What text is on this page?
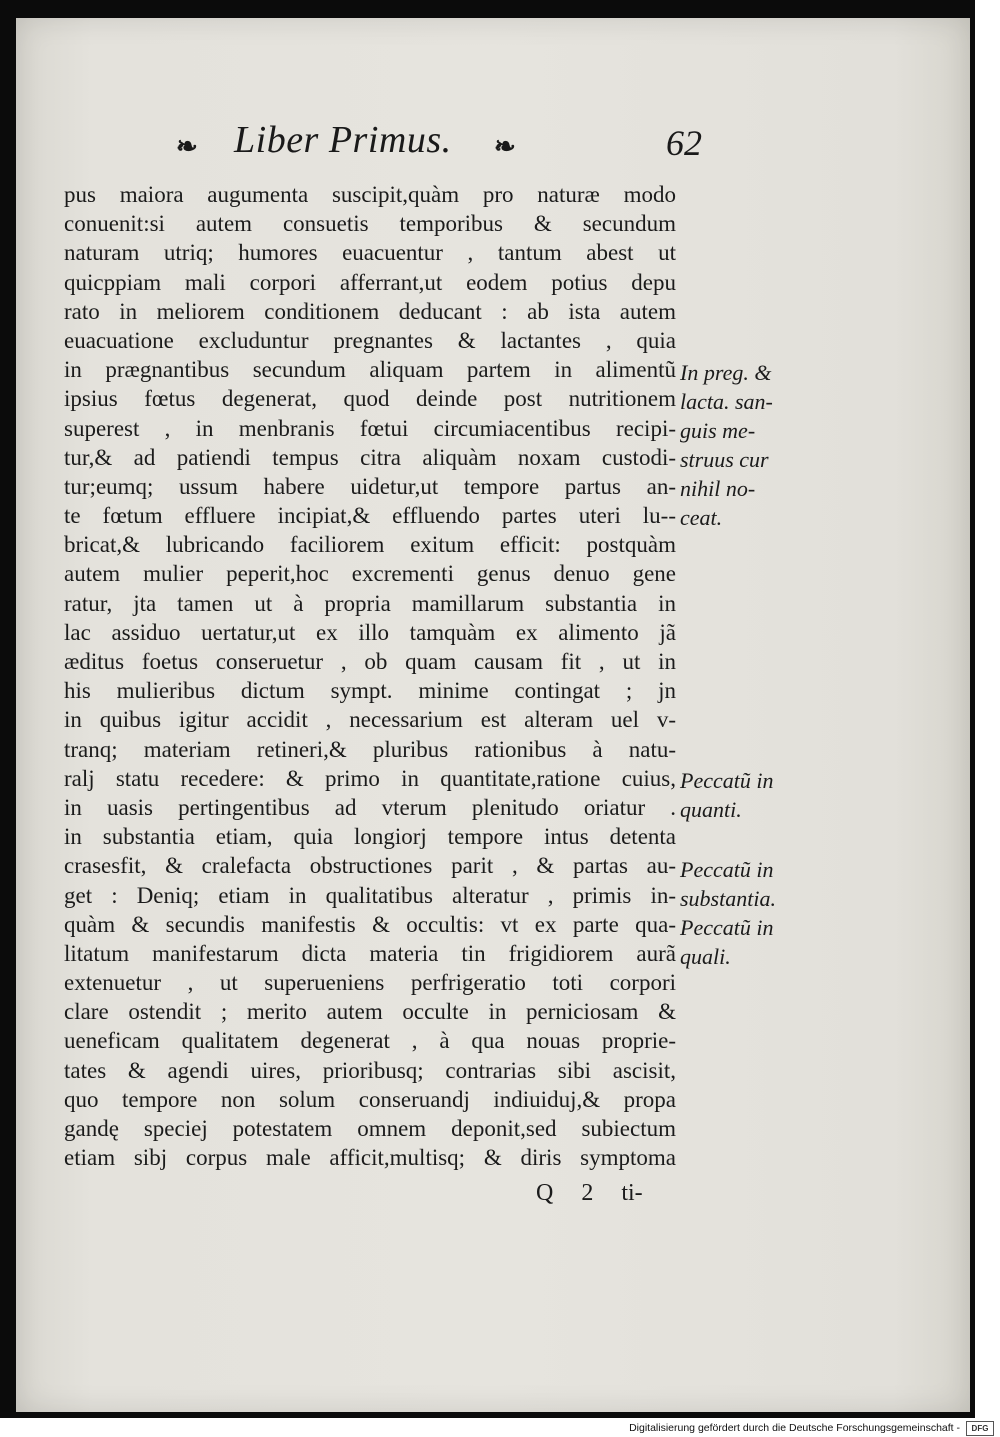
❧ Liber Primus. ❧	62
pus maiora augumenta suscipit,quàm pro naturæ modo
conuenit:si autem consuetis temporibus & secundum
naturam utriq; humores euacuentur , tantum abest ut
quicppiam mali corpori afferrant,ut eodem potius depu
rato in meliorem conditionem deducant : ab ista autem
euacuatione excluduntur pregnantes & lactantes , quia
in prægnantibus secundum aliquam partem in alimentũ
ipsius fœtus degenerat, quod deinde post nutritionem
superest , in menbranis fœtui circumiacentibus recipi-
tur,& ad patiendi tempus citra aliquàm noxam custodi-
tur;eumq; ussum habere uidetur,ut tempore partus an-
te fœtum effluere incipiat,& effluendo partes uteri lu--
bricat,& lubricando faciliorem exitum efficit: postquàm
autem mulier peperit,hoc excrementi genus denuo gene
ratur, jta tamen ut à propria mamillarum substantia in
lac assiduo uertatur,ut ex illo tamquàm ex alimento jã
æditus foetus conseruetur , ob quam causam fit , ut in
his mulieribus dictum sympt. minime contingat ; jn
in quibus igitur accidit , necessarium est alteram uel v-
tranq; materiam retineri,& pluribus rationibus à natu-
ralj statu recedere: & primo in quantitate,ratione cuius,
in uasis pertingentibus ad vterum plenitudo oriatur .
in substantia etiam, quia longiorj tempore intus detenta
crasesfit, & cralefacta obstructiones parit , & partas au-
get : Deniq; etiam in qualitatibus alteratur , primis in-
quàm & secundis manifestis & occultis: vt ex parte qua-
litatum manifestarum dicta materia tin frigidiorem aurã
extenuetur , ut superueniens perfrigeratio toti corpori
clare ostendit ; merito autem occulte in perniciosam &
ueneficam qualitatem degenerat , à qua nouas proprie-
tates & agendi uires, prioribusq; contrarias sibi ascisit,
quo tempore non solum conseruandj indiuiduj,& propa
gandę speciej potestatem omnem deponit,sed subiectum
etiam sibj corpus male afficit,multisq; & diris symptoma
In preg. &
lacta. san-
guis me-
struus cur
nihil no-
ceat.
Peccatũ in
quanti.
Peccatũ in
substantia.
Peccatũ in
quali.
Q 2 ti-
Digitalisierung gefördert durch die Deutsche Forschungsgemeinschaft -	DFG
